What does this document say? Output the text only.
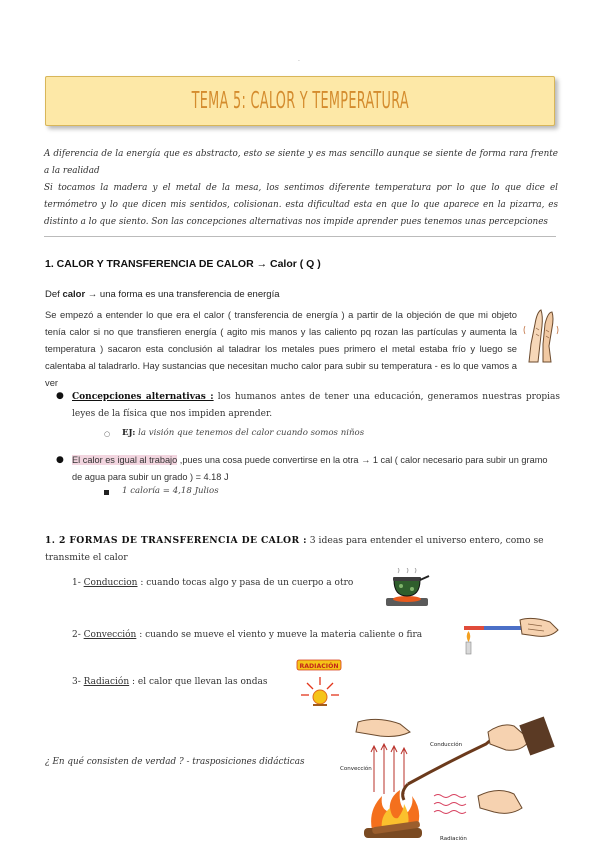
·
TEMA 5: CALOR Y TEMPERATURA
A diferencia de la energía que es abstracto, esto se siente y es mas sencillo aunque se siente de forma rara frente a la realidad
Si tocamos la madera y el metal de la mesa, los sentimos diferente temperatura por lo que lo que dice el termómetro y lo que dicen mis sentidos, colisionan. esta dificultad esta en que lo que aparece en la pizarra, es distinto a lo que siento. Son las concepciones alternativas nos impide aprender pues tenemos unas percepciones
1. CALOR Y TRANSFERENCIA DE CALOR → Calor ( Q )
Def calor → una forma es una transferencia de energía
Se empezó a entender lo que era el calor ( transferencia de energía ) a partir de la objeción de que mi objeto tenía calor si no que transfieren energía ( agito mis manos y las caliento pq rozan las partículas y aumenta la temperatura ) sacaron esta conclusión al taladrar los metales pues primero el metal estaba frío y luego se calentaba al taladrarlo. Hay sustancias que necesitan mucho calor para subir su temperatura - es lo que vamos a ver
● Concepciones alternativas : los humanos antes de tener una educación, generamos nuestras propias leyes de la física que nos impiden aprender.
○ EJ: la visión que tenemos del calor cuando somos niños
● El calor es igual al trabajo ,pues una cosa puede convertirse en la otra → 1 cal ( calor necesario para subir un gramo de agua para subir un grado ) = 4.18 J
1 caloría = 4,18 Julios
1. 2 FORMAS DE TRANSFERENCIA DE CALOR : 3 ideas para entender el universo entero, como se transmite el calor
1- Conduccion : cuando tocas algo y pasa de un cuerpo a otro
2- Convección : cuando se mueve el viento y mueve la materia caliente o fira
3- Radiación : el calor que llevan las ondas
RADIACIÓN
¿ En qué consisten de verdad ? - trasposiciones didácticas
Conducción
Convección
Radiación
